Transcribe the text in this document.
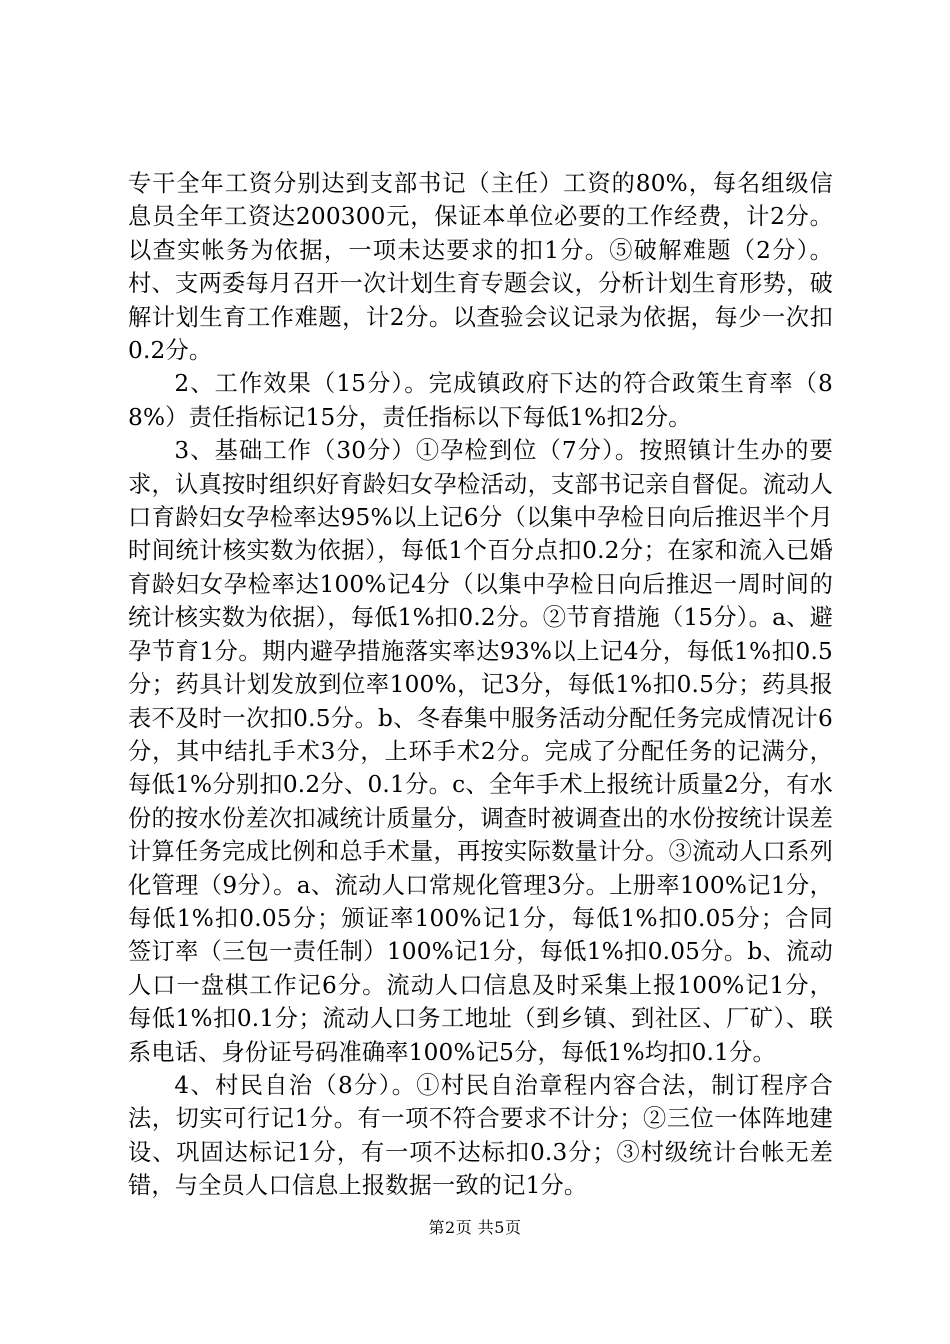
专干全年工资分别达到支部书记（主任）工资的80%，每名组级信息员全年工资达200300元，保证本单位必要的工作经费，计2分。以查实帐务为依据，一项未达要求的扣1分。⑤破解难题（2分）。村、支两委每月召开一次计划生育专题会议，分析计划生育形势，破解计划生育工作难题，计2分。以查验会议记录为依据，每少一次扣0.2分。

2、工作效果（15分）。完成镇政府下达的符合政策生育率（88%）责任指标记15分，责任指标以下每低1%扣2分。

3、基础工作（30分）①孕检到位（7分）。按照镇计生办的要求，认真按时组织好育龄妇女孕检活动，支部书记亲自督促。流动人口育龄妇女孕检率达95%以上记6分（以集中孕检日向后推迟半个月时间统计核实数为依据），每低1个百分点扣0.2分；在家和流入已婚育龄妇女孕检率达100%记4分（以集中孕检日向后推迟一周时间的统计核实数为依据），每低1%扣0.2分。②节育措施（15分）。a、避孕节育1分。期内避孕措施落实率达93%以上记4分，每低1%扣0.5分；药具计划发放到位率100%，记3分，每低1%扣0.5分；药具报表不及时一次扣0.5分。b、冬春集中服务活动分配任务完成情况计6分，其中结扎手术3分，上环手术2分。完成了分配任务的记满分，每低1%分别扣0.2分、0.1分。c、全年手术上报统计质量2分，有水份的按水份差次扣减统计质量分，调查时被调查出的水份按统计误差计算任务完成比例和总手术量，再按实际数量计分。③流动人口系列化管理（9分）。a、流动人口常规化管理3分。上册率100%记1分，每低1%扣0.05分；颁证率100%记1分，每低1%扣0.05分；合同签订率（三包一责任制）100%记1分，每低1%扣0.05分。b、流动人口一盘棋工作记6分。流动人口信息及时采集上报100%记1分，每低1%扣0.1分；流动人口务工地址（到乡镇、到社区、厂矿）、联系电话、身份证号码准确率100%记5分，每低1%均扣0.1分。

4、村民自治（8分）。①村民自治章程内容合法，制订程序合法，切实可行记1分。有一项不符合要求不计分；②三位一体阵地建设、巩固达标记1分，有一项不达标扣0.3分；③村级统计台帐无差错，与全员人口信息上报数据一致的记1分。

第2页 共5页
